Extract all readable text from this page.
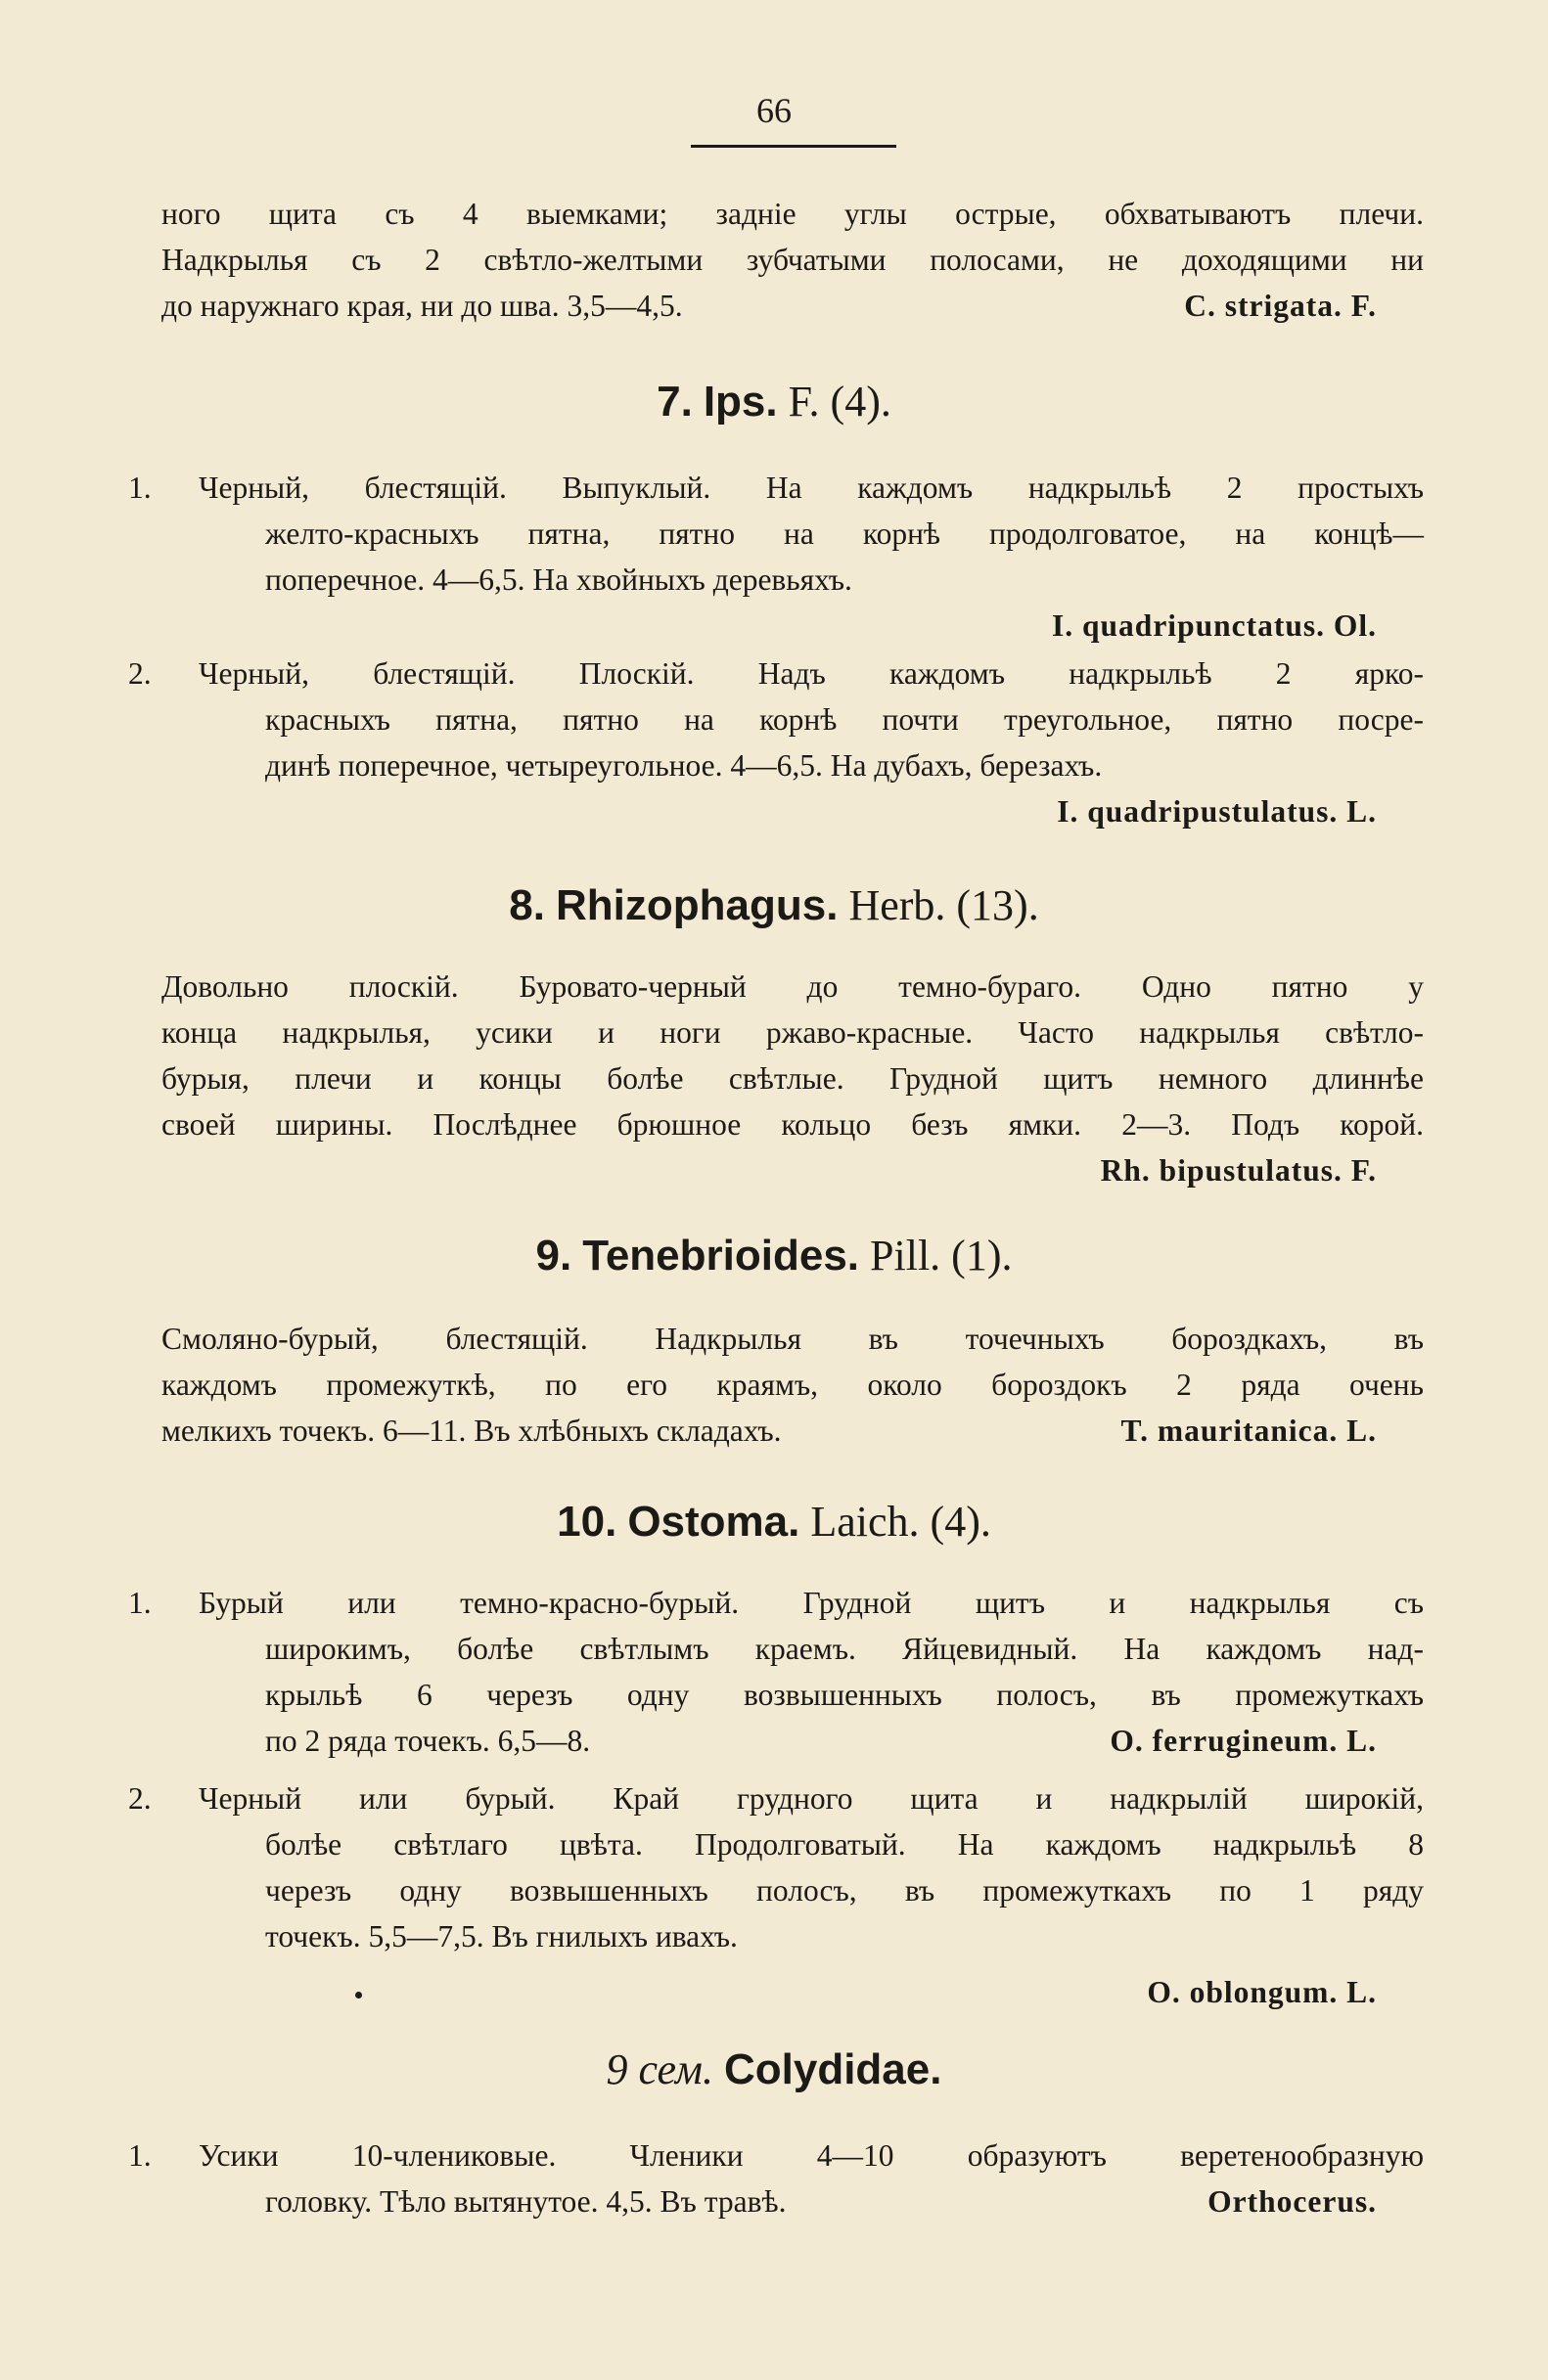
66
ного щита съ 4 выемками; задніе углы острые, обхватываютъ плечи.
Надкрылья съ 2 свѣтло-желтыми зубчатыми полосами, не доходящими ни
до наружнаго края, ни до шва. 3,5—4,5.	C. strigata. F.
7. Ips. F. (4).
1. Черный, блестящій. Выпуклый. На каждомъ надкрыльѣ 2 простыхъ
желто-красныхъ пятна, пятно на корнѣ продолговатое, на концѣ—
поперечное. 4—6,5. На хвойныхъ деревьяхъ.
I. quadripunctatus. Ol.
2. Черный, блестящій. Плоскій. Надъ каждомъ надкрыльѣ 2 ярко-
красныхъ пятна, пятно на корнѣ почти треугольное, пятно посре-
динѣ поперечное, четыреугольное. 4—6,5. На дубахъ, березахъ.
I. quadripustulatus. L.
8. Rhizophagus. Herb. (13).
Довольно плоскій. Буровато-черный до темно-бураго. Одно пятно у
конца надкрылья, усики и ноги ржаво-красные. Часто надкрылья свѣтло-
бурыя, плечи и концы болѣе свѣтлые. Грудной щитъ немного длиннѣе
своей ширины. Послѣднее брюшное кольцо безъ ямки. 2—3. Подъ корой.
Rh. bipustulatus. F.
9. Tenebrioides. Pill. (1).
Смоляно-бурый, блестящій. Надкрылья въ точечныхъ бороздкахъ, въ
каждомъ промежуткѣ, по его краямъ, около бороздокъ 2 ряда очень
мелкихъ точекъ. 6—11. Въ хлѣбныхъ складахъ.	T. mauritanica. L.
10. Ostoma. Laich. (4).
1. Бурый или темно-красно-бурый. Грудной щитъ и надкрылья съ
широкимъ, болѣе свѣтлымъ краемъ. Яйцевидный. На каждомъ над-
крыльѣ 6 черезъ одну возвышенныхъ полосъ, въ промежуткахъ
по 2 ряда точекъ. 6,5—8.	O. ferrugineum. L.
2. Черный или бурый. Край грудного щита и надкрылій широкій,
болѣе свѣтлаго цвѣта. Продолговатый. На каждомъ надкрыльѣ 8
черезъ одну возвышенныхъ полосъ, въ промежуткахъ по 1 ряду
точекъ. 5,5—7,5. Въ гнилыхъ ивахъ.
O. oblongum. L.
9 сем. Colydidae.
1. Усики 10-члениковые. Членики 4—10 образуютъ веретенообразную
головку. Тѣло вытянутое. 4,5. Въ травѣ.	Orthocerus.
